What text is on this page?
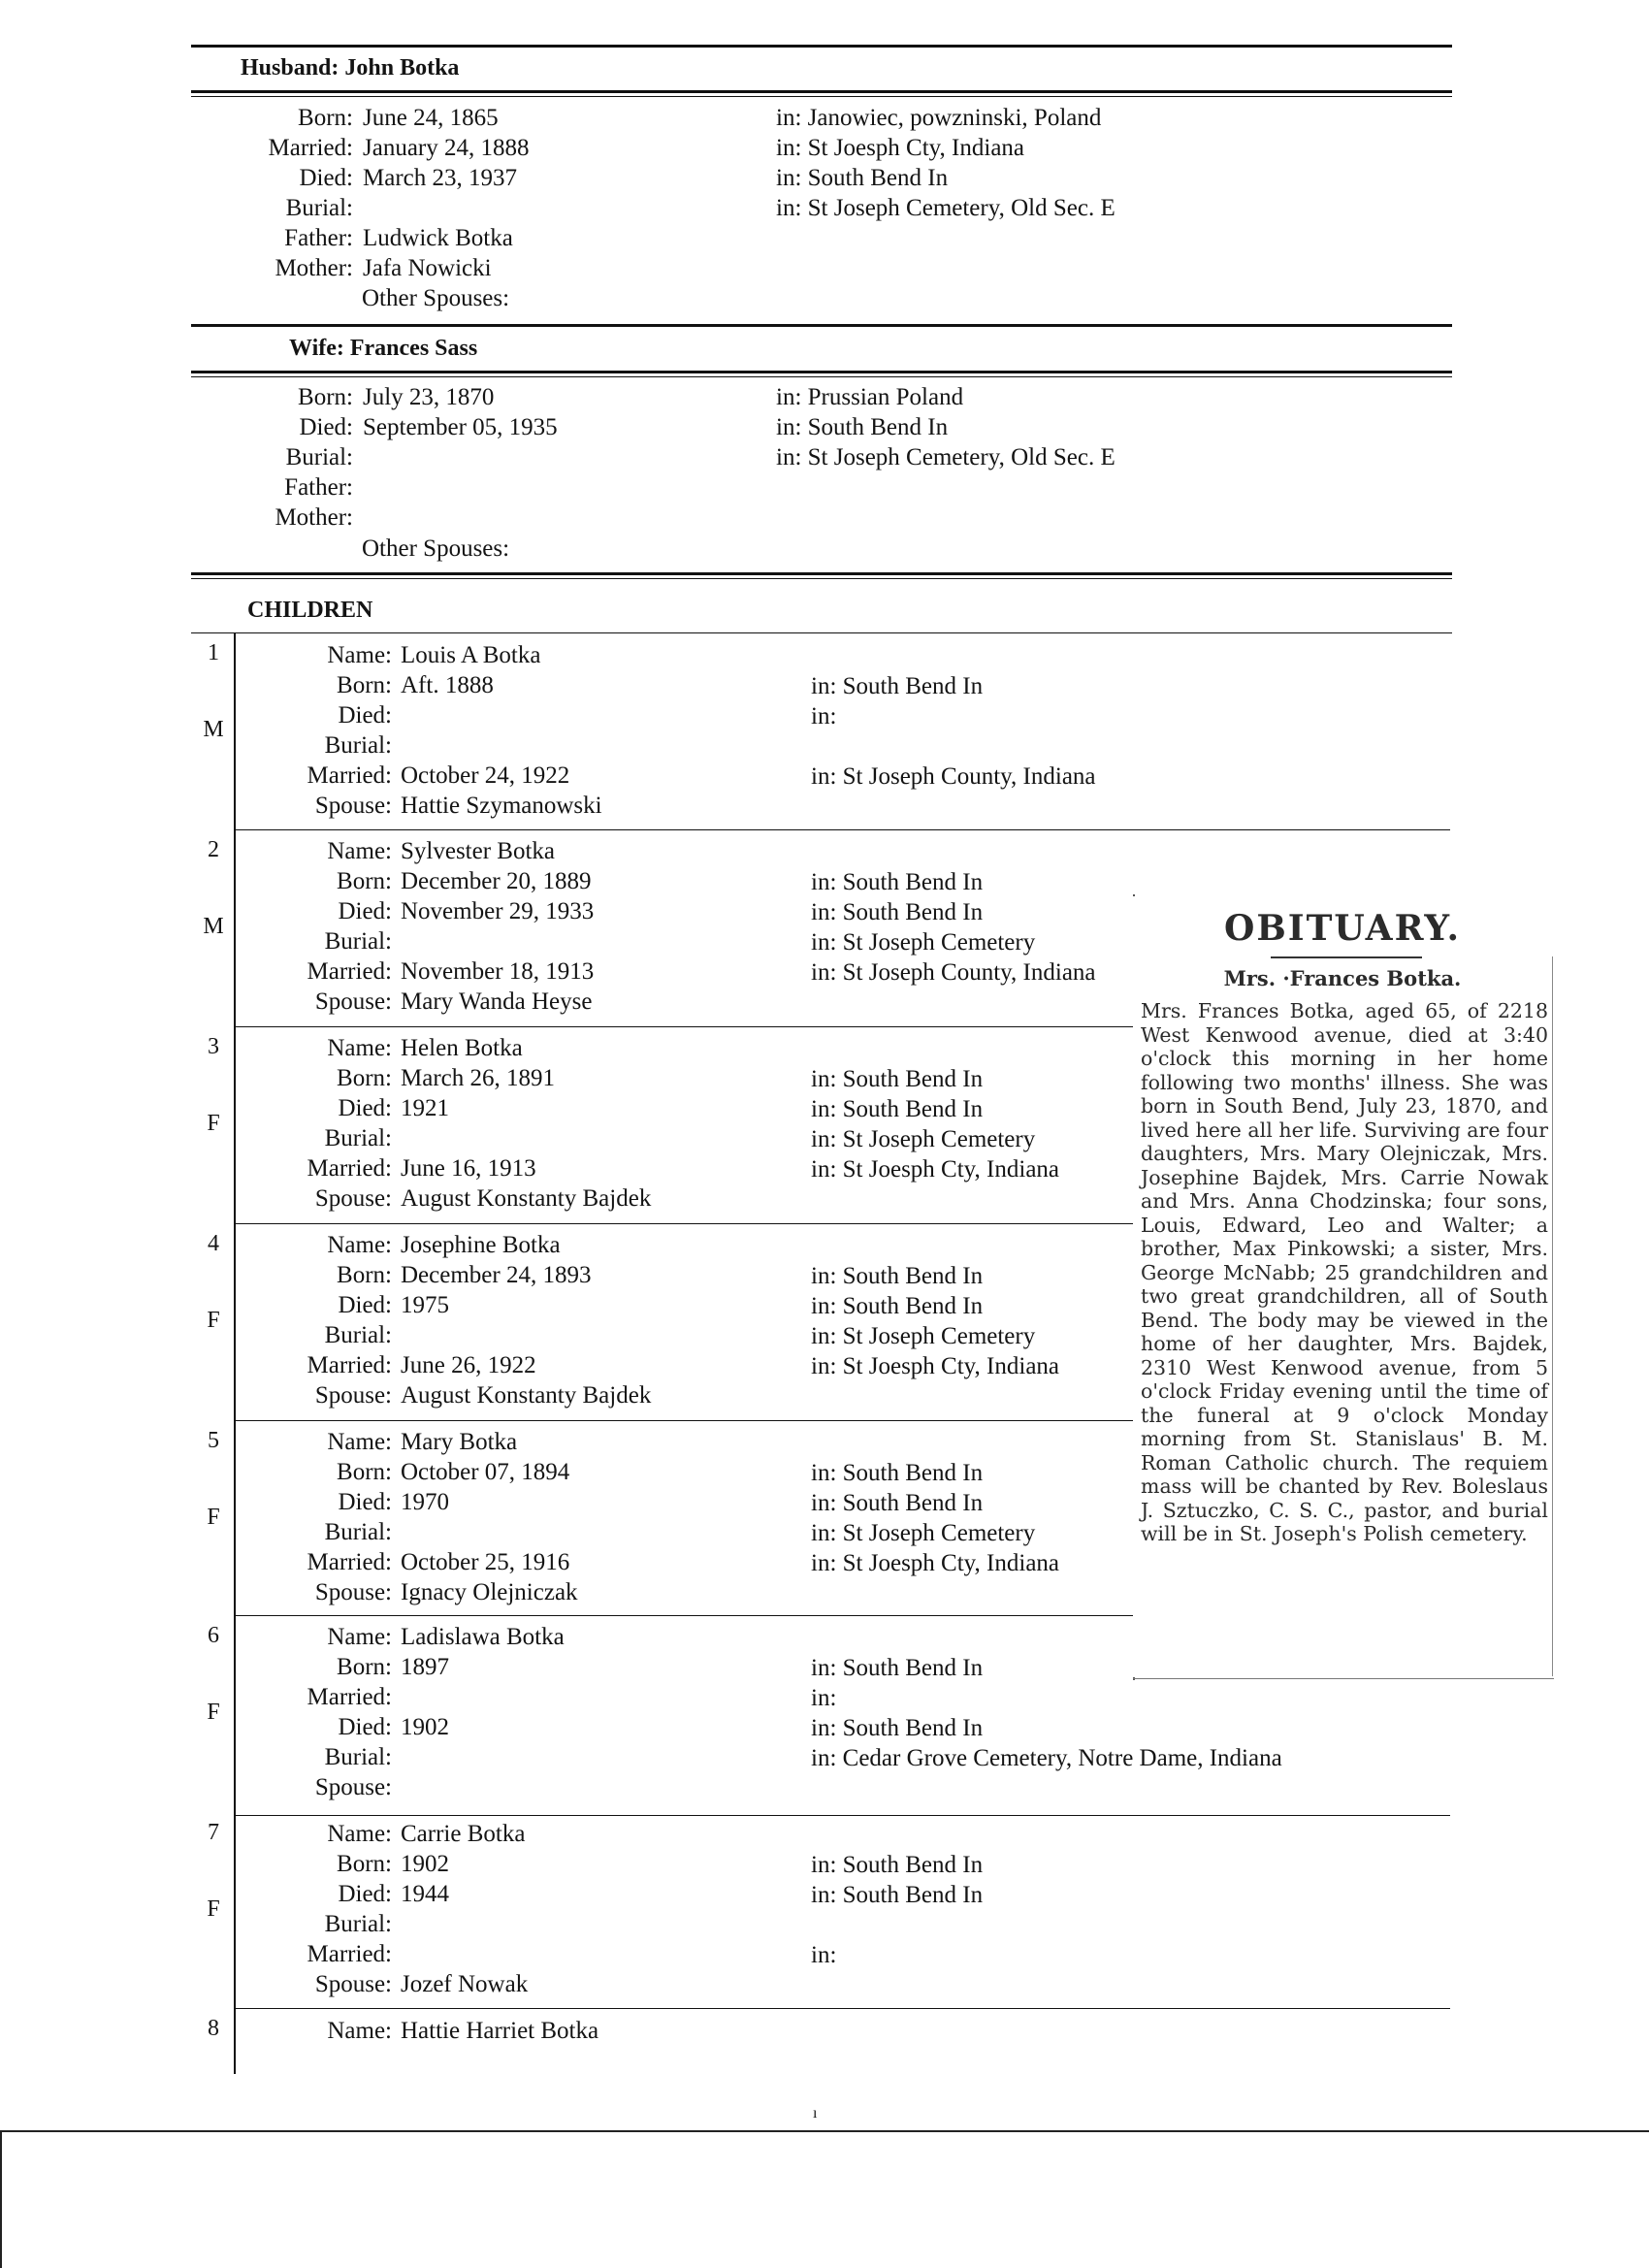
Husband: John Botka
Born: June 24, 1865	in: Janowiec, powzninski, Poland
Married: January 24, 1888	in: St Joesph Cty, Indiana
Died: March 23, 1937	in: South Bend In
Burial:	in: St Joseph Cemetery, Old Sec. E
Father: Ludwick Botka
Mother: Jafa Nowicki
Other Spouses:
Wife: Frances Sass
Born: July 23, 1870	in: Prussian Poland
Died: September 05, 1935	in: South Bend In
Burial:	in: St Joseph Cemetery, Old Sec. E
Father:
Mother:
Other Spouses:
CHILDREN
1
M
Name: Louis A Botka
Born: Aft. 1888	in: South Bend In
Died:	in:
Burial:
Married: October 24, 1922	in: St Joseph County, Indiana
Spouse: Hattie Szymanowski
2
M
Name: Sylvester Botka
Born: December 20, 1889	in: South Bend In
Died: November 29, 1933	in: South Bend In
Burial:	in: St Joseph Cemetery
Married: November 18, 1913	in: St Joseph County, Indiana
Spouse: Mary Wanda Heyse
3
F
Name: Helen Botka
Born: March 26, 1891	in: South Bend In
Died: 1921	in: South Bend In
Burial:	in: St Joseph Cemetery
Married: June 16, 1913	in: St Joesph Cty, Indiana
Spouse: August Konstanty Bajdek
4
F
Name: Josephine Botka
Born: December 24, 1893	in: South Bend In
Died: 1975	in: South Bend In
Burial:	in: St Joseph Cemetery
Married: June 26, 1922	in: St Joesph Cty, Indiana
Spouse: August Konstanty Bajdek
5
F
Name: Mary Botka
Born: October 07, 1894	in: South Bend In
Died: 1970	in: South Bend In
Burial:	in: St Joseph Cemetery
Married: October 25, 1916	in: St Joesph Cty, Indiana
Spouse: Ignacy Olejniczak
6
F
Name: Ladislawa Botka
Born: 1897	in: South Bend In
Married:	in:
Died: 1902	in: South Bend In
Burial:	in: Cedar Grove Cemetery, Notre Dame, Indiana
Spouse:
7
F
Name: Carrie Botka
Born: 1902	in: South Bend In
Died: 1944	in: South Bend In
Burial:
Married:	in:
Spouse: Jozef Nowak
8	Name: Hattie Harriet Botka
OBITUARY.
Mrs. ·Frances Botka.
Mrs. Frances Botka, aged 65, of 2218 West Kenwood avenue, died at 3:40 o'clock this morning in her home following two months' illness. She was born in South Bend, July 23, 1870, and lived here all her life. Surviving are four daughters, Mrs. Mary Olejniczak, Mrs. Josephine Bajdek, Mrs. Carrie Nowak and Mrs. Anna Chodzinska; four sons, Louis, Edward, Leo and Walter; a brother, Max Pinkowski; a sister, Mrs. George McNabb; 25 grandchildren and two great grandchildren, all of South Bend. The body may be viewed in the home of her daughter, Mrs. Bajdek, 2310 West Kenwood avenue, from 5 o'clock Friday evening until the time of the funeral at 9 o'clock Monday morning from St. Stanislaus' B. M. Roman Catholic church. The requiem mass will be chanted by Rev. Boleslaus J. Sztuczko, C. S. C., pastor, and burial will be in St. Joseph's Polish cemetery.
ı
